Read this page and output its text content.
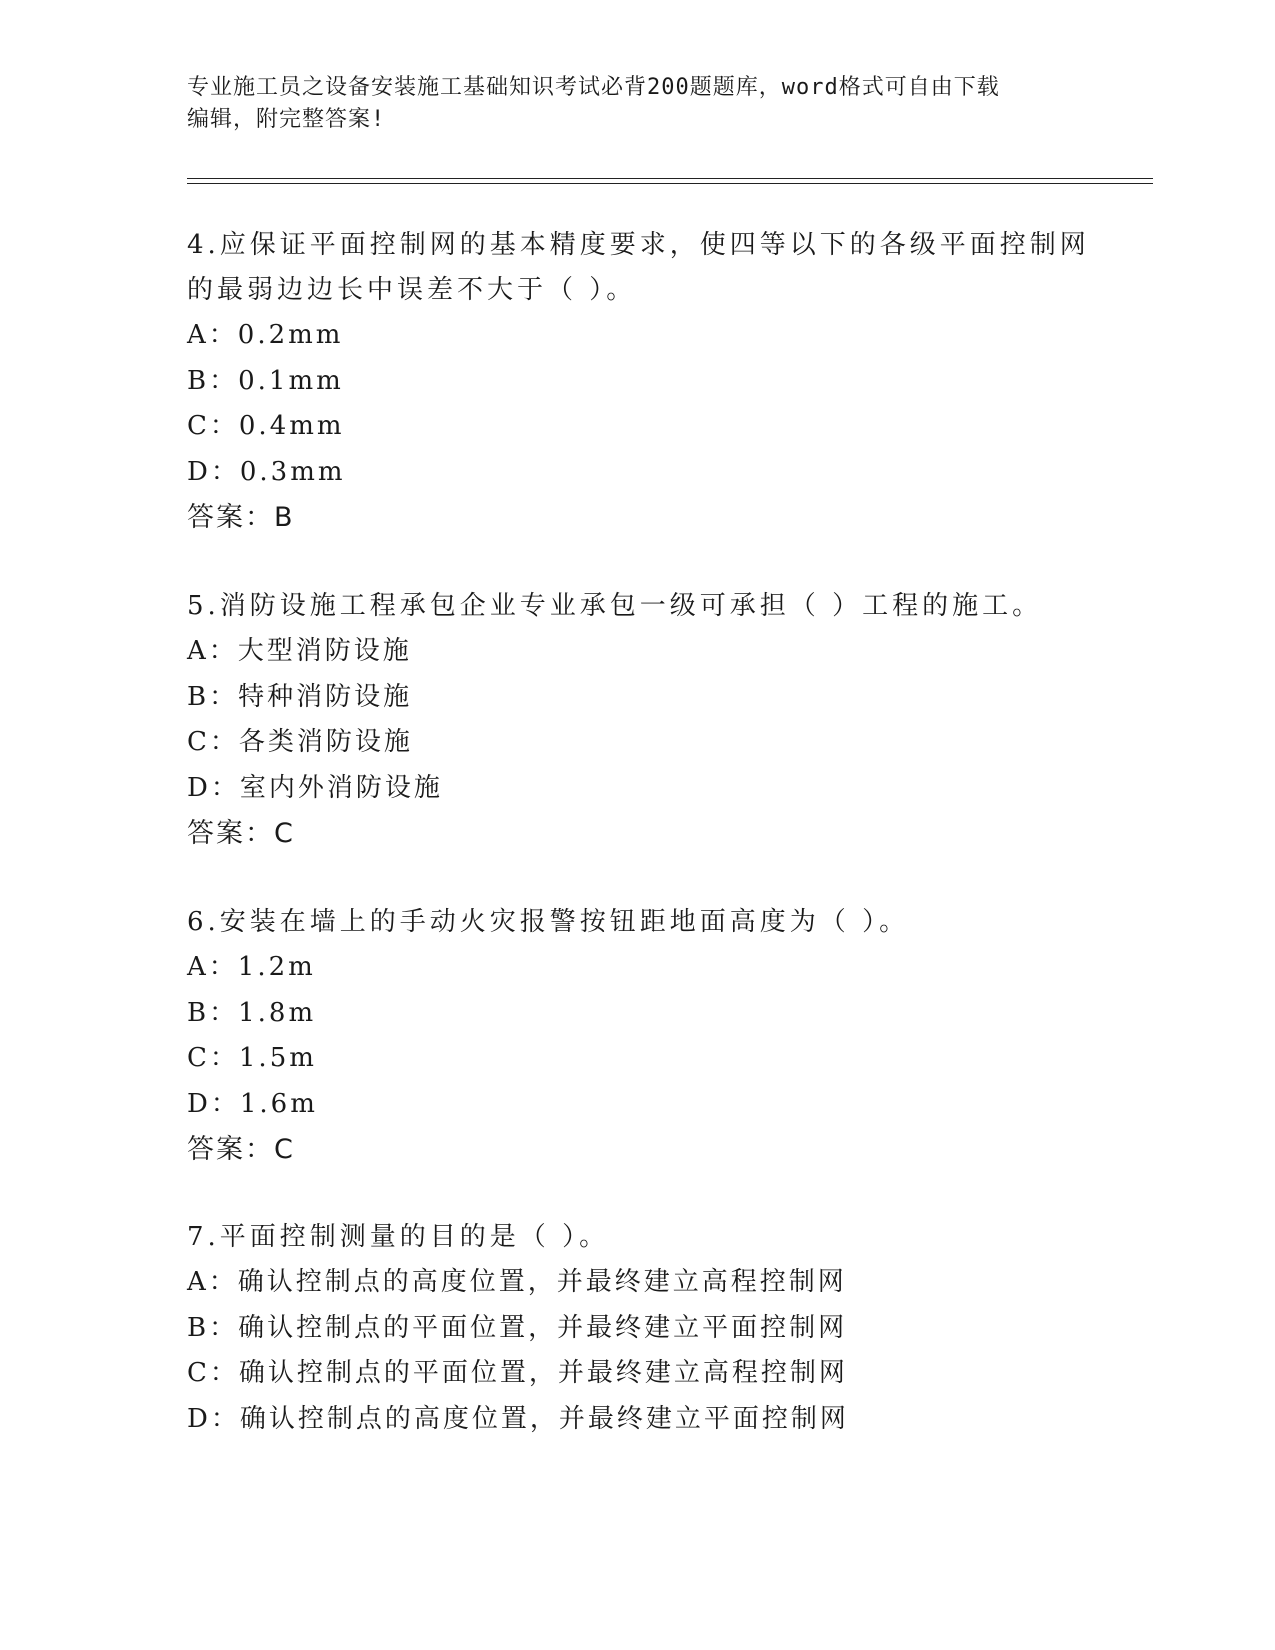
专业施工员之设备安装施工基础知识考试必背200题题库，word格式可自由下载
编辑，附完整答案!
4.应保证平面控制网的基本精度要求，使四等以下的各级平面控制网
的最弱边边长中误差不大于（ ）。
A：0.2mm
B：0.1mm
C：0.4mm
D：0.3mm
答案：B
5.消防设施工程承包企业专业承包一级可承担（ ）工程的施工。
A：大型消防设施
B：特种消防设施
C：各类消防设施
D：室内外消防设施
答案：C
6.安装在墙上的手动火灾报警按钮距地面高度为（ ）。
A：1.2m
B：1.8m
C：1.5m
D：1.6m
答案：C
7.平面控制测量的目的是（ ）。
A：确认控制点的高度位置，并最终建立高程控制网
B：确认控制点的平面位置，并最终建立平面控制网
C：确认控制点的平面位置，并最终建立高程控制网
D：确认控制点的高度位置，并最终建立平面控制网
